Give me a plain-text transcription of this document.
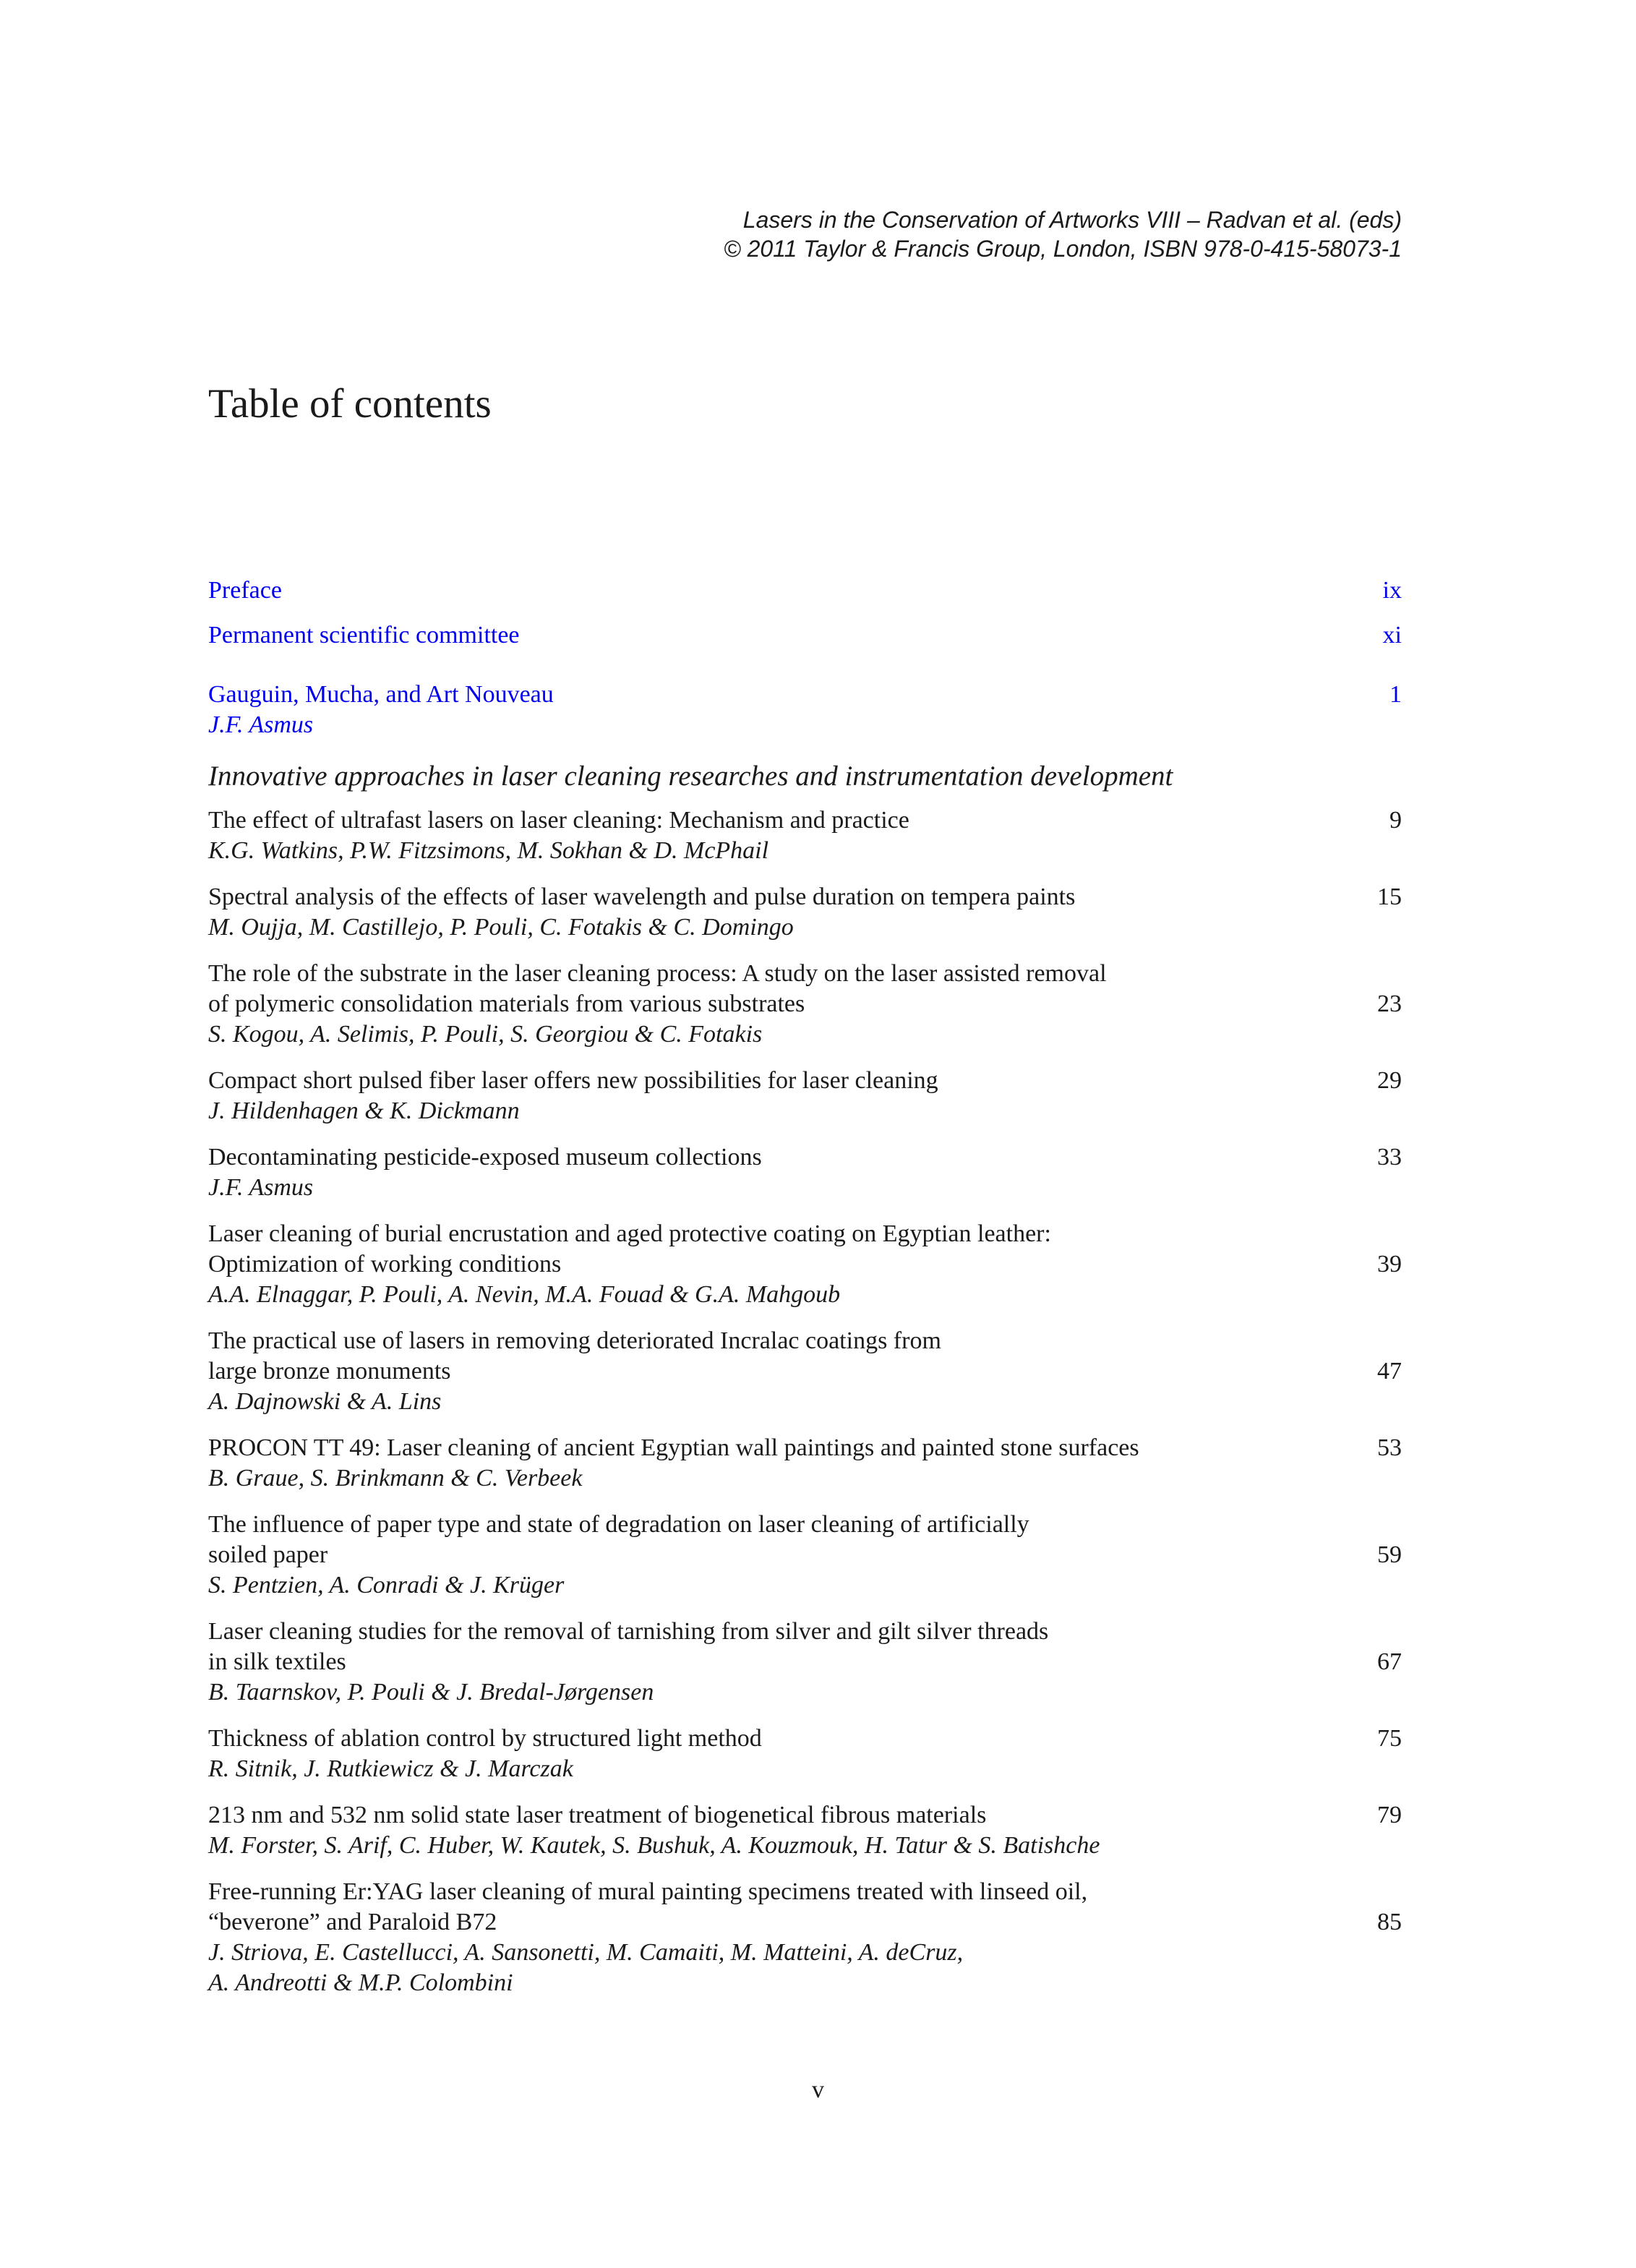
Lasers in the Conservation of Artworks VIII – Radvan et al. (eds)
© 2011 Taylor & Francis Group, London, ISBN 978-0-415-58073-1
Table of contents
Preface	ix
Permanent scientific committee	xi
Gauguin, Mucha, and Art Nouveau	1
J.F. Asmus
Innovative approaches in laser cleaning researches and instrumentation development
The effect of ultrafast lasers on laser cleaning: Mechanism and practice	9
K.G. Watkins, P.W. Fitzsimons, M. Sokhan & D. McPhail
Spectral analysis of the effects of laser wavelength and pulse duration on tempera paints	15
M. Oujja, M. Castillejo, P. Pouli, C. Fotakis & C. Domingo
The role of the substrate in the laser cleaning process: A study on the laser assisted removal
of polymeric consolidation materials from various substrates	23
S. Kogou, A. Selimis, P. Pouli, S. Georgiou & C. Fotakis
Compact short pulsed fiber laser offers new possibilities for laser cleaning	29
J. Hildenhagen & K. Dickmann
Decontaminating pesticide-exposed museum collections	33
J.F. Asmus
Laser cleaning of burial encrustation and aged protective coating on Egyptian leather:
Optimization of working conditions	39
A.A. Elnaggar, P. Pouli, A. Nevin, M.A. Fouad & G.A. Mahgoub
The practical use of lasers in removing deteriorated Incralac coatings from
large bronze monuments	47
A. Dajnowski & A. Lins
PROCON TT 49: Laser cleaning of ancient Egyptian wall paintings and painted stone surfaces	53
B. Graue, S. Brinkmann & C. Verbeek
The influence of paper type and state of degradation on laser cleaning of artificially
soiled paper	59
S. Pentzien, A. Conradi & J. Krüger
Laser cleaning studies for the removal of tarnishing from silver and gilt silver threads
in silk textiles	67
B. Taarnskov, P. Pouli & J. Bredal-Jørgensen
Thickness of ablation control by structured light method	75
R. Sitnik, J. Rutkiewicz & J. Marczak
213 nm and 532 nm solid state laser treatment of biogenetical fibrous materials	79
M. Forster, S. Arif, C. Huber, W. Kautek, S. Bushuk, A. Kouzmouk, H. Tatur & S. Batishche
Free-running Er:YAG laser cleaning of mural painting specimens treated with linseed oil,
“beverone” and Paraloid B72	85
J. Striova, E. Castellucci, A. Sansonetti, M. Camaiti, M. Matteini, A. deCruz,
A. Andreotti & M.P. Colombini
v
